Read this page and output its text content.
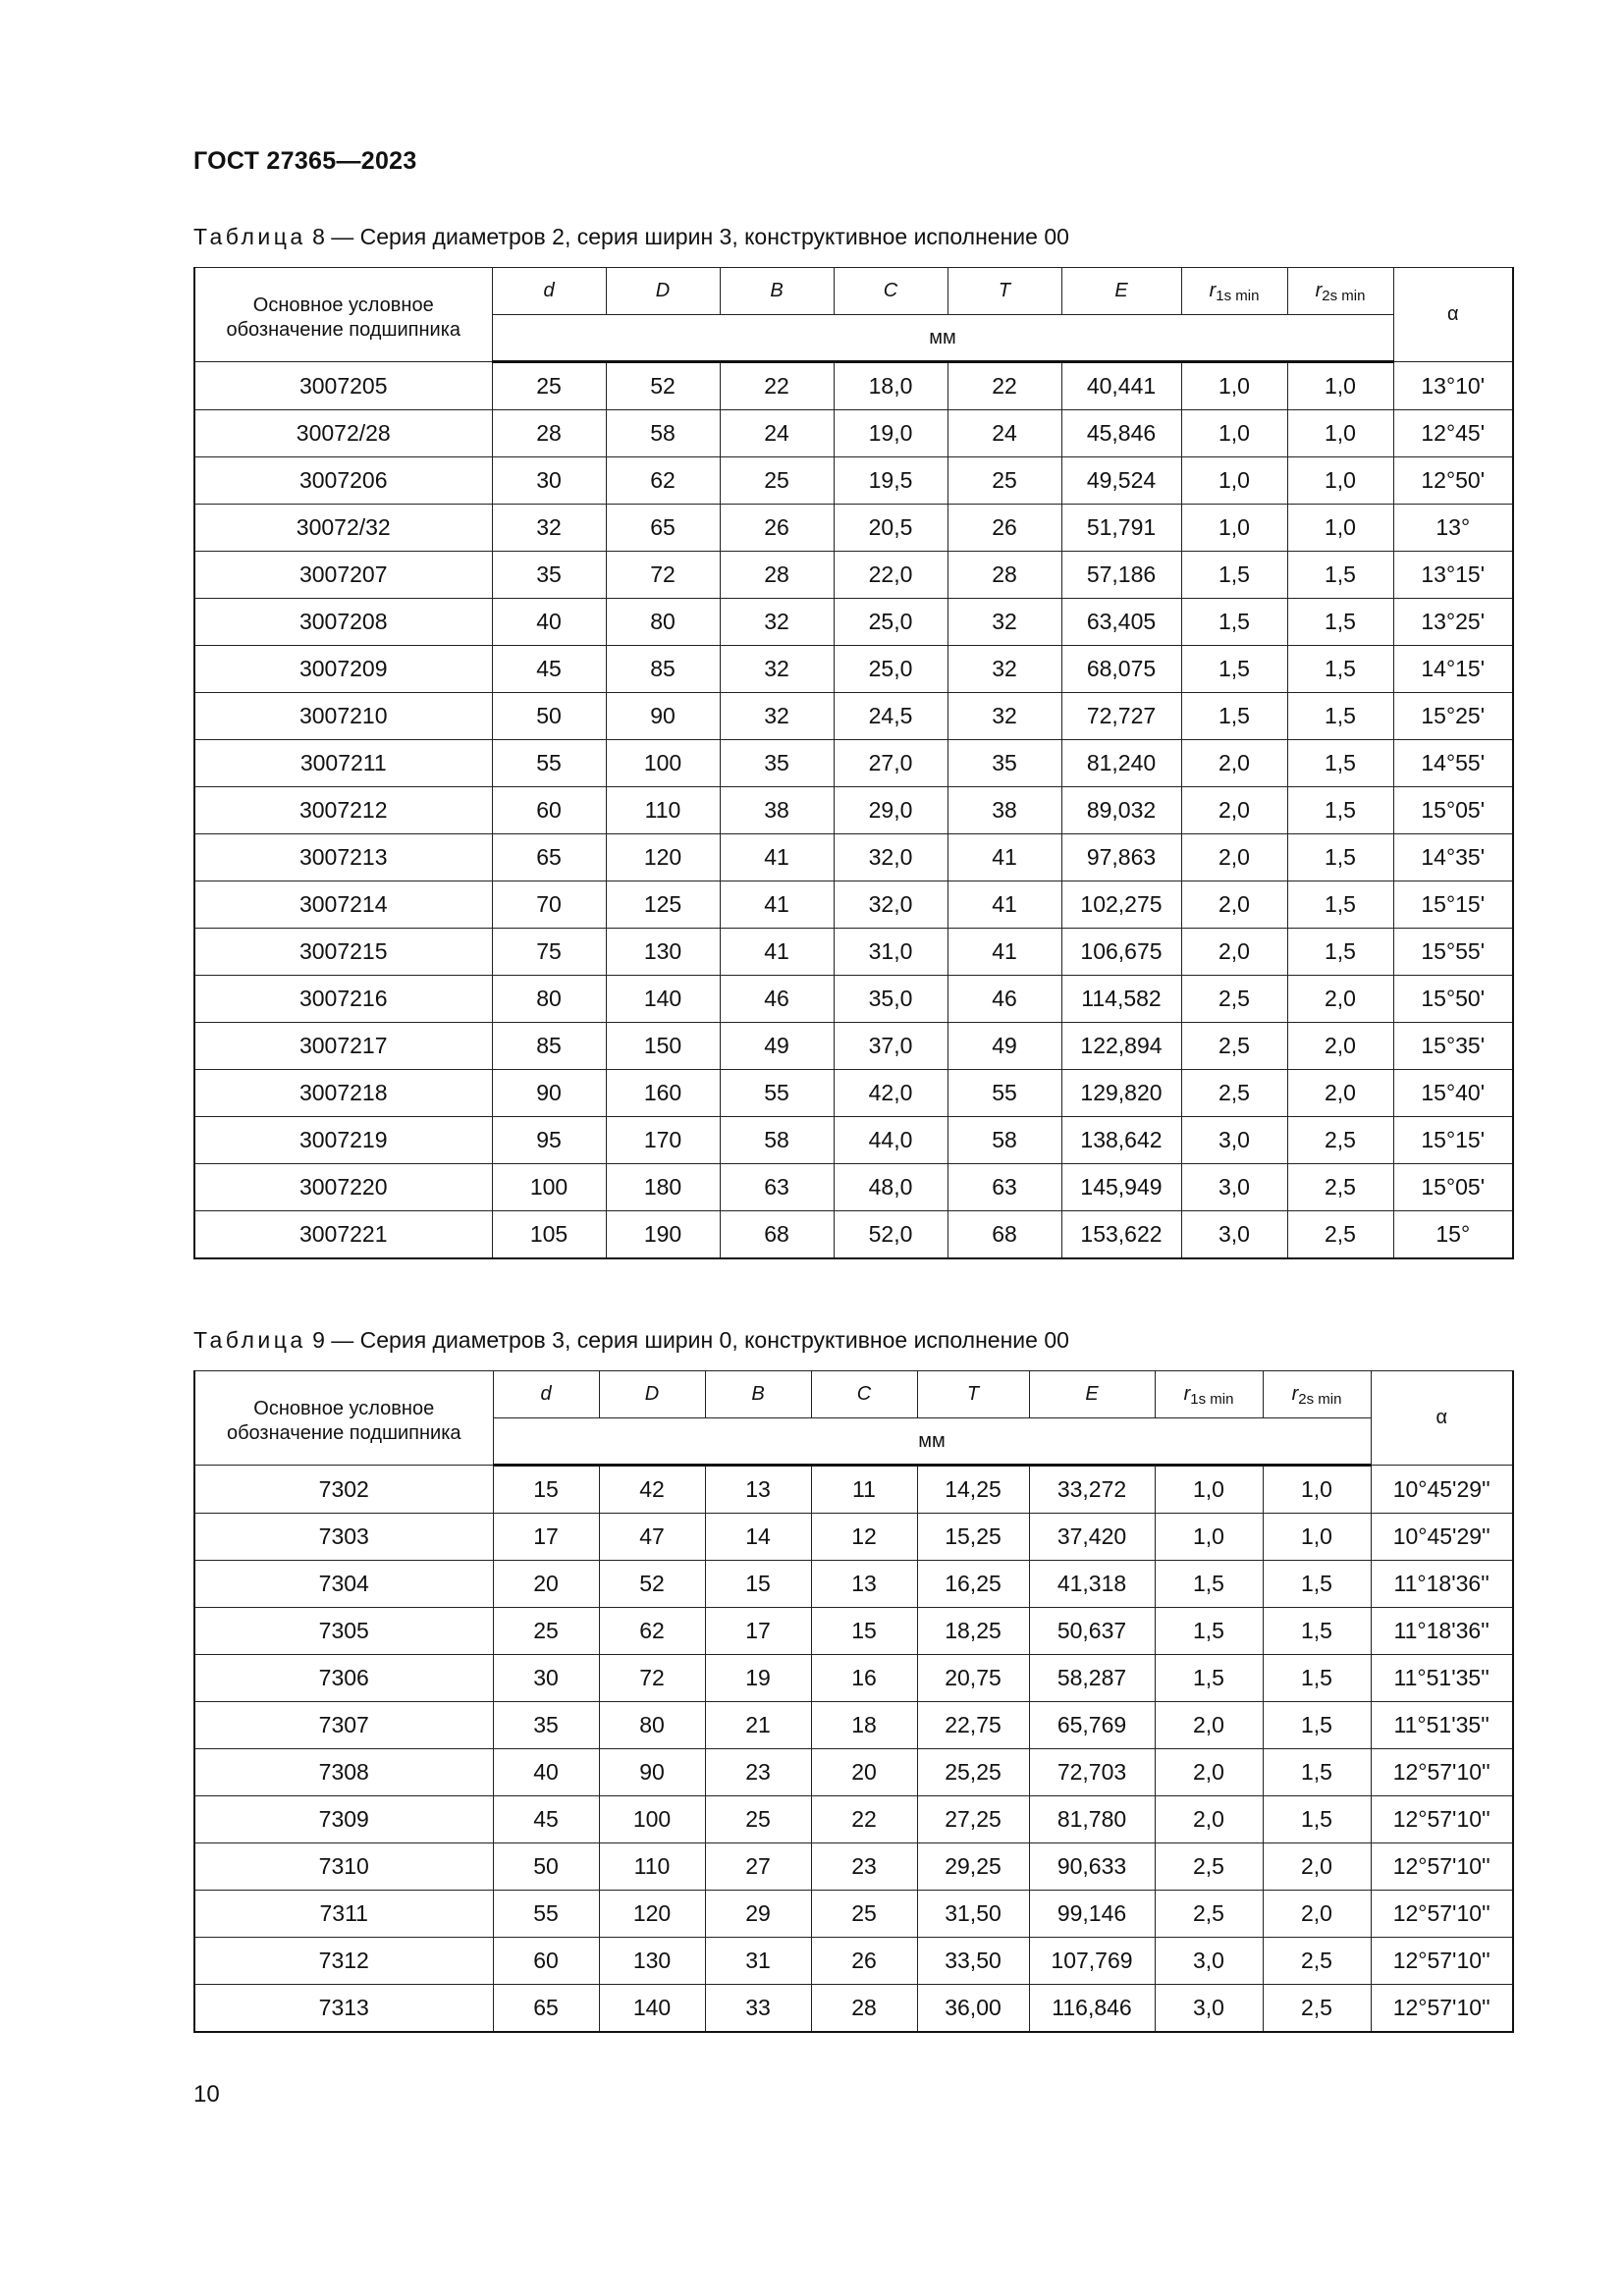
ГОСТ 27365—2023
Таблица 8 — Серия диаметров 2, серия ширин 3, конструктивное исполнение 00
Основное условное обозначение подшипника	d	D	B	C	T	E	$r_{1s min}$	$r_{2s min}$	α
	мм								
3007205	25	52	22	18,0	22	40,441	1,0	1,0	13°10'
30072/28	28	58	24	19,0	24	45,846	1,0	1,0	12°45'
3007206	30	62	25	19,5	25	49,524	1,0	1,0	12°50'
30072/32	32	65	26	20,5	26	51,791	1,0	1,0	13°
3007207	35	72	28	22,0	28	57,186	1,5	1,5	13°15'
3007208	40	80	32	25,0	32	63,405	1,5	1,5	13°25'
3007209	45	85	32	25,0	32	68,075	1,5	1,5	14°15'
3007210	50	90	32	24,5	32	72,727	1,5	1,5	15°25'
3007211	55	100	35	27,0	35	81,240	2,0	1,5	14°55'
3007212	60	110	38	29,0	38	89,032	2,0	1,5	15°05'
3007213	65	120	41	32,0	41	97,863	2,0	1,5	14°35'
3007214	70	125	41	32,0	41	102,275	2,0	1,5	15°15'
3007215	75	130	41	31,0	41	106,675	2,0	1,5	15°55'
3007216	80	140	46	35,0	46	114,582	2,5	2,0	15°50'
3007217	85	150	49	37,0	49	122,894	2,5	2,0	15°35'
3007218	90	160	55	42,0	55	129,820	2,5	2,0	15°40'
3007219	95	170	58	44,0	58	138,642	3,0	2,5	15°15'
3007220	100	180	63	48,0	63	145,949	3,0	2,5	15°05'
3007221	105	190	68	52,0	68	153,622	3,0	2,5	15°
Таблица 9 — Серия диаметров 3, серия ширин 0, конструктивное исполнение 00
Основное условное обозначение подшипника	d	D	B	C	T	E	$r_{1s min}$	$r_{2s min}$	α
	мм								
7302	15	42	13	11	14,25	33,272	1,0	1,0	10°45'29''
7303	17	47	14	12	15,25	37,420	1,0	1,0	10°45'29''
7304	20	52	15	13	16,25	41,318	1,5	1,5	11°18'36''
7305	25	62	17	15	18,25	50,637	1,5	1,5	11°18'36''
7306	30	72	19	16	20,75	58,287	1,5	1,5	11°51'35''
7307	35	80	21	18	22,75	65,769	2,0	1,5	11°51'35''
7308	40	90	23	20	25,25	72,703	2,0	1,5	12°57'10''
7309	45	100	25	22	27,25	81,780	2,0	1,5	12°57'10''
7310	50	110	27	23	29,25	90,633	2,5	2,0	12°57'10''
7311	55	120	29	25	31,50	99,146	2,5	2,0	12°57'10''
7312	60	130	31	26	33,50	107,769	3,0	2,5	12°57'10''
7313	65	140	33	28	36,00	116,846	3,0	2,5	12°57'10''
10
